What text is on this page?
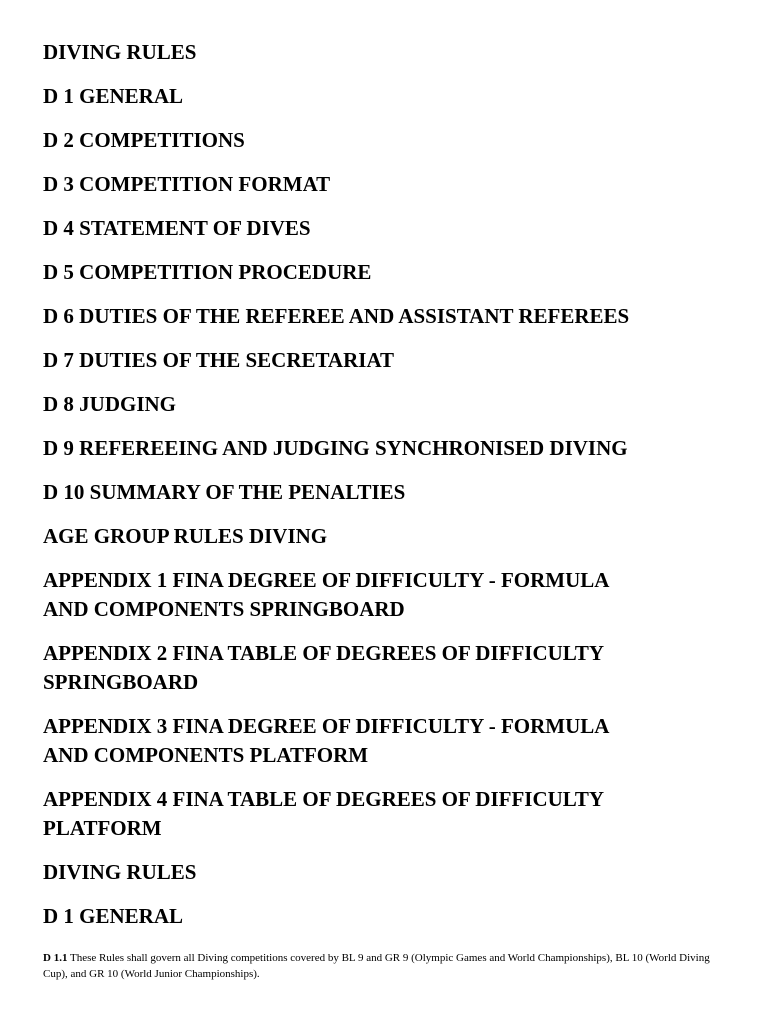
DIVING RULES
D 1 GENERAL
D 2 COMPETITIONS
D 3 COMPETITION FORMAT
D 4 STATEMENT OF DIVES
D 5 COMPETITION PROCEDURE
D 6 DUTIES OF THE REFEREE AND ASSISTANT REFEREES
D 7 DUTIES OF THE SECRETARIAT
D 8 JUDGING
D 9 REFEREEING AND JUDGING SYNCHRONISED DIVING
D 10 SUMMARY OF THE PENALTIES
AGE GROUP RULES DIVING
APPENDIX 1 FINA DEGREE OF DIFFICULTY - FORMULA
AND COMPONENTS SPRINGBOARD
APPENDIX 2 FINA TABLE OF DEGREES OF DIFFICULTY
SPRINGBOARD
APPENDIX 3 FINA DEGREE OF DIFFICULTY - FORMULA
AND COMPONENTS PLATFORM
APPENDIX 4 FINA TABLE OF DEGREES OF DIFFICULTY
PLATFORM
DIVING RULES
D 1 GENERAL

D 1.1 These Rules shall govern all Diving competitions covered by BL 9 and GR 9 (Olympic Games and World Championships), BL 10 (World Diving Cup), and GR 10 (World Junior Championships).
